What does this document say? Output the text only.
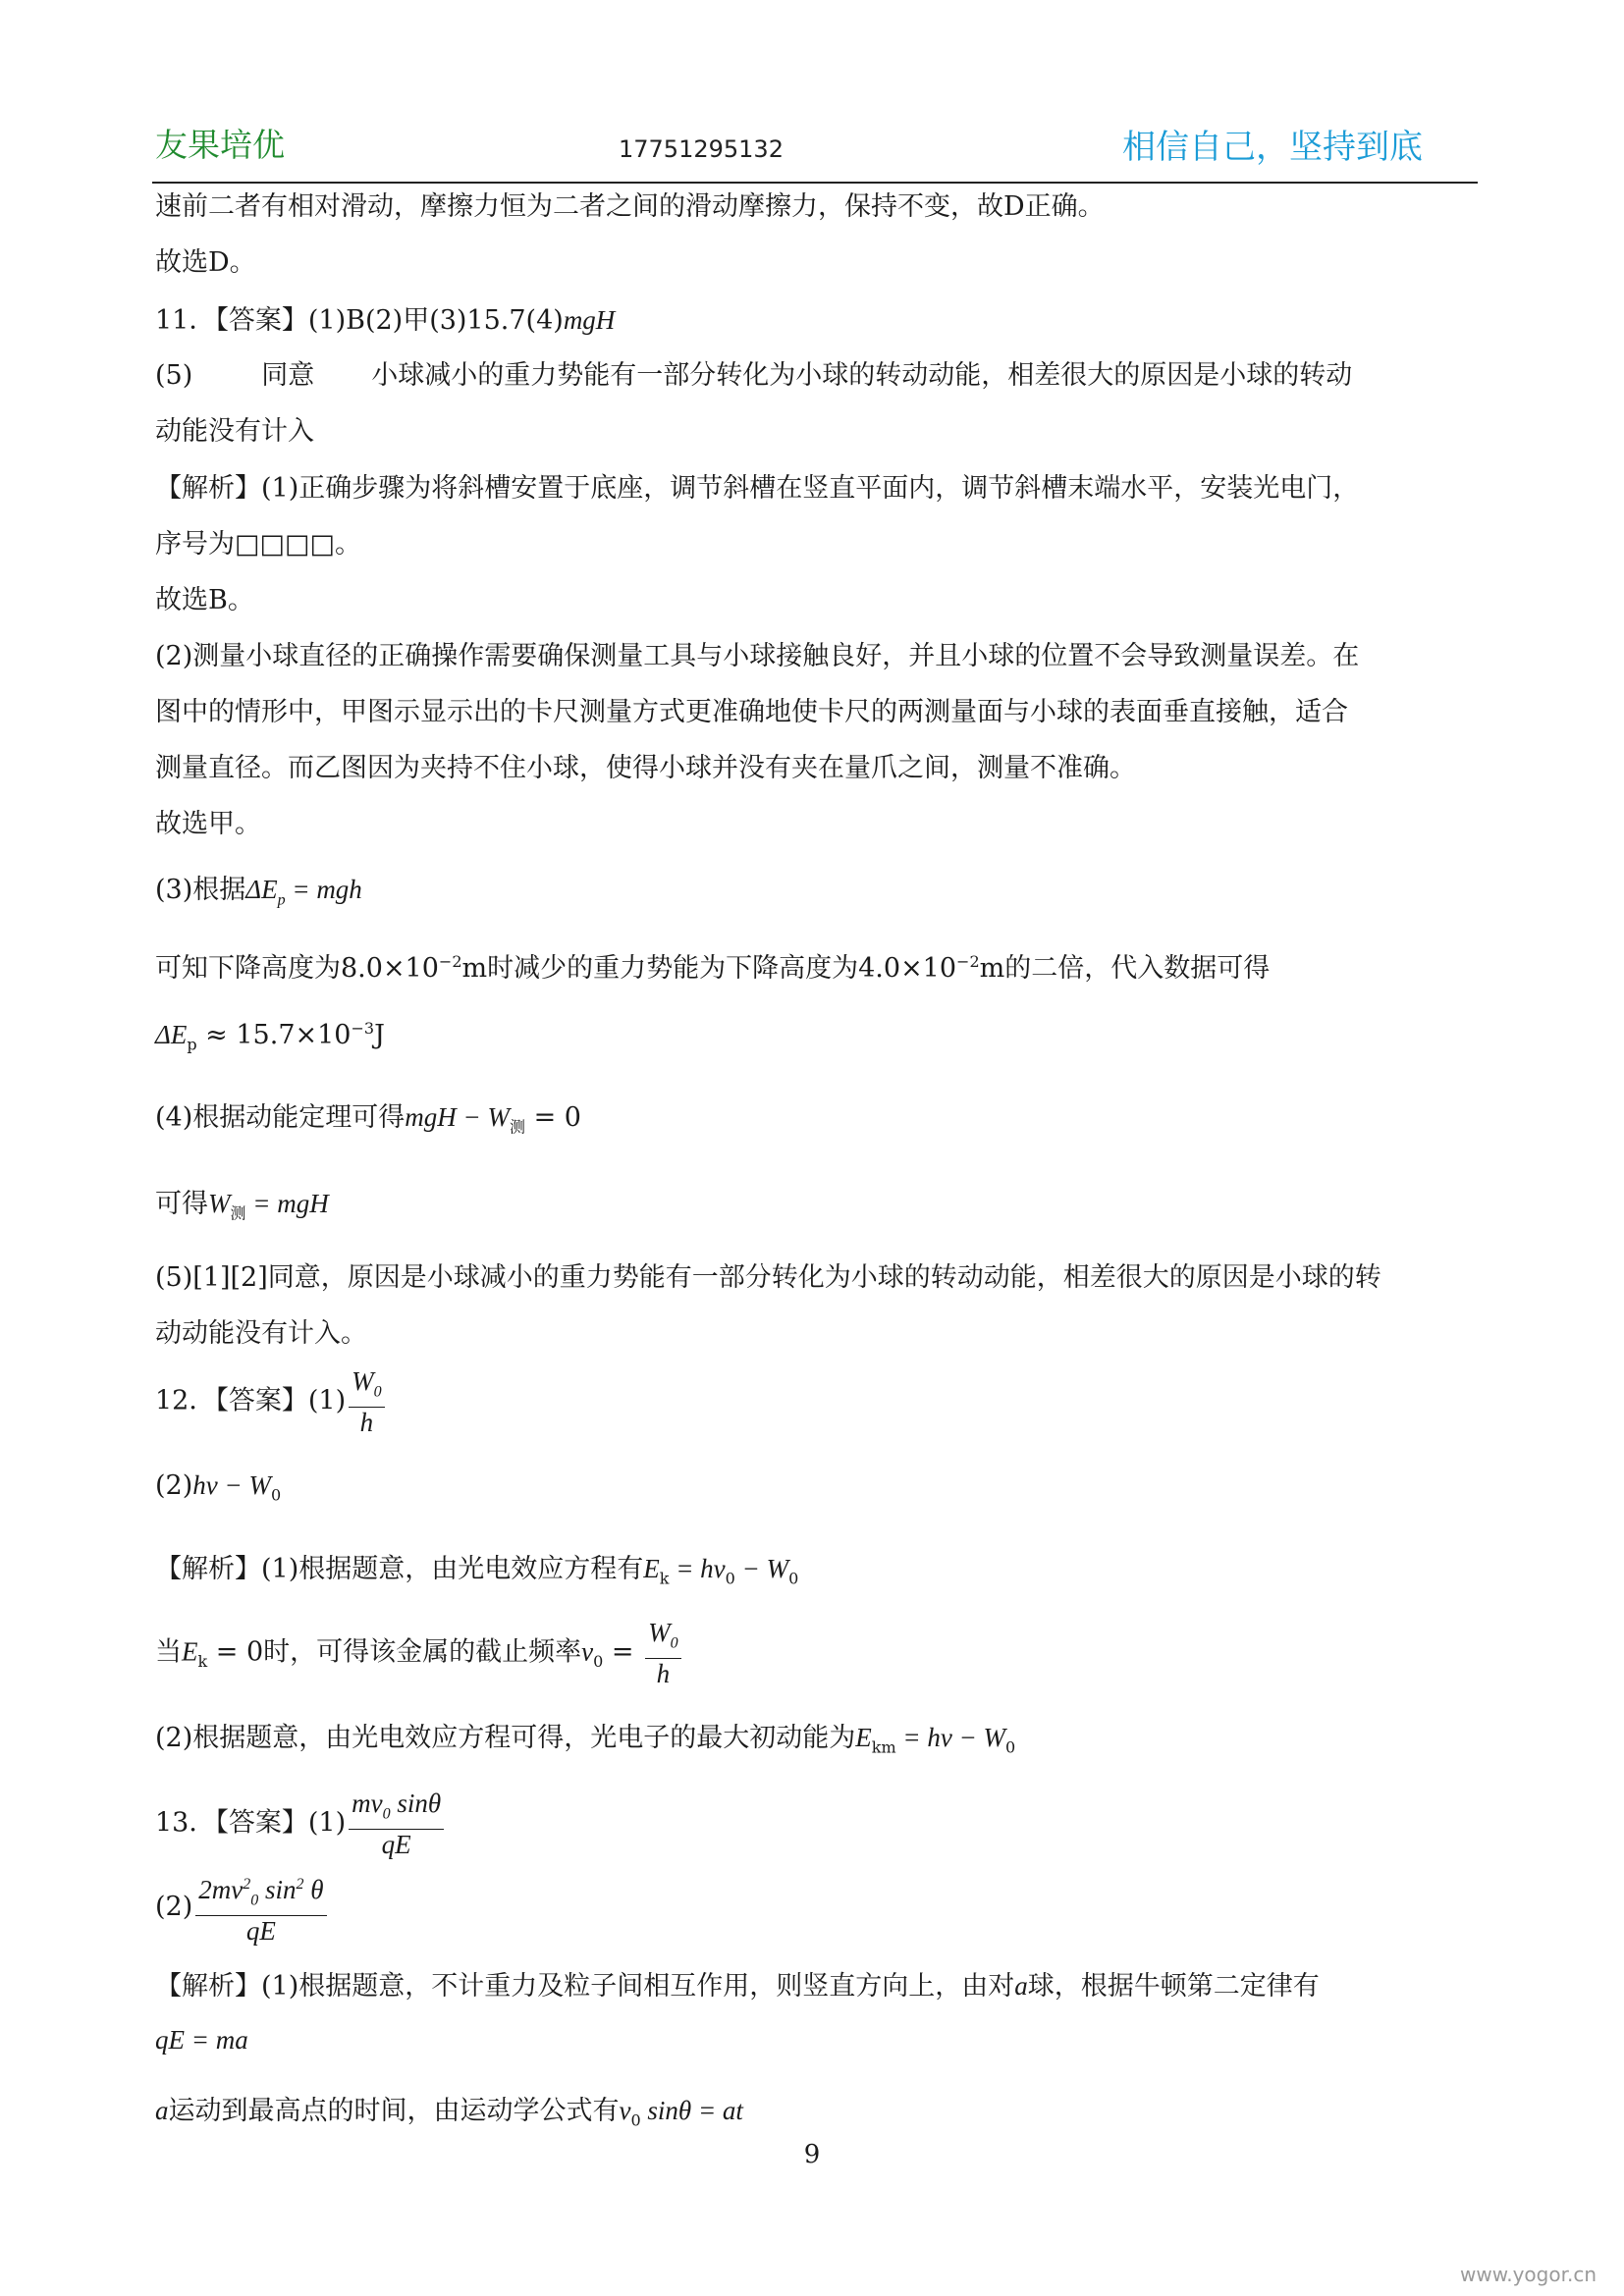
友果培优	17751295132	相信自己，坚持到底
速前二者有相对滑动，摩擦力恒为二者之间的滑动摩擦力，保持不变，故D正确。
故选D。
11．【答案】(1)B(2)甲(3)15.7(4)mgH
(5)	同意 小球减小的重力势能有一部分转化为小球的转动动能，相差很大的原因是小球的转动
动能没有计入
【解析】(1)正确步骤为将斜槽安置于底座，调节斜槽在竖直平面内，调节斜槽末端水平，安装光电门，
序号为□□□□。
故选B。
(2)测量小球直径的正确操作需要确保测量工具与小球接触良好，并且小球的位置不会导致测量误差。在
图中的情形中，甲图示显示出的卡尺测量方式更准确地使卡尺的两测量面与小球的表面垂直接触，适合
测量直径。而乙图因为夹持不住小球，使得小球并没有夹在量爪之间，测量不准确。
故选甲。
(3)根据$\Delta E_p$ = mgh
可知下降高度为$8.0\times 10^{-2}m$时减少的重力势能为下降高度为$4.0\times 10^{-2}m$的二倍，代入数据可得
$\Delta E_p \approx 15.7\times 10^{-3}J$
(4)根据动能定理可得mgH − $W_测 = 0$
可得$W_测$ = mgH
(5)[1][2]同意，原因是小球减小的重力势能有一部分转化为小球的转动动能，相差很大的原因是小球的转
动动能没有计入。
12．【答案】$(1) \frac{W_0}{h}$
$(2)h\nu - W_0$
【解析】(1)根据题意，由光电效应方程有$E_k = h\nu_0 - W_0$
当$E_k = 0$时，可得该金属的截止频率$\nu_0 = \frac{W_0}{h}$
(2)根据题意，由光电效应方程可得，光电子的最大初动能为$E_{km} = h\nu - W_0$
13．【答案】$(1) \frac{mv_0 \sin\theta}{qE}$
$(2) \frac{2mv^2_0 \sin^2 \theta}{qE}$
【解析】(1)根据题意，不计重力及粒子间相互作用，则竖直方向上，由对a球，根据牛顿第二定律有
qE = ma
a运动到最高点的时间，由运动学公式有$v_0$ sinθ = at
9
www.yogor.cn
